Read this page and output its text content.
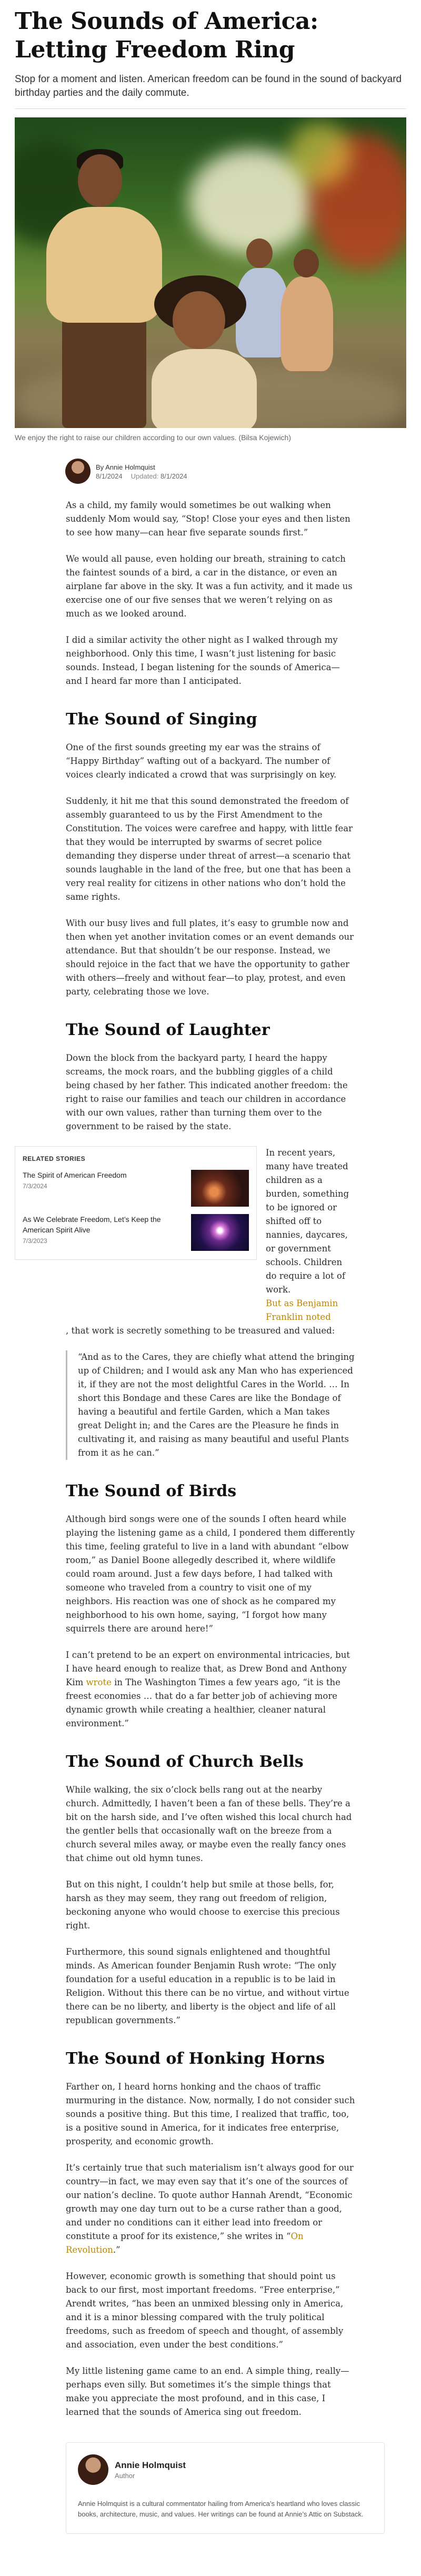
The Sounds of America: Letting Freedom Ring

Stop for a moment and listen. American freedom can be found in the sound of backyard birthday parties and the daily commute.

We enjoy the right to raise our children according to our own values. (Bilsa Kojewich)

By Annie Holmquist
8/1/2024 Updated: 8/1/2024

As a child, my family would sometimes be out walking when suddenly Mom would say, “Stop! Close your eyes and then listen to see how many—can hear five separate sounds first.”

We would all pause, even holding our breath, straining to catch the faintest sounds of a bird, a car in the distance, or even an airplane far above in the sky. It was a fun activity, and it made us exercise one of our five senses that we weren’t relying on as much as we looked around.

I did a similar activity the other night as I walked through my neighborhood. Only this time, I wasn’t just listening for basic sounds. Instead, I began listening for the sounds of America—and I heard far more than I anticipated.

The Sound of Singing

One of the first sounds greeting my ear was the strains of “Happy Birthday” wafting out of a backyard. The number of voices clearly indicated a crowd that was surprisingly on key.

Suddenly, it hit me that this sound demonstrated the freedom of assembly guaranteed to us by the First Amendment to the Constitution. The voices were carefree and happy, with little fear that they would be interrupted by swarms of secret police demanding they disperse under threat of arrest—a scenario that sounds laughable in the land of the free, but one that has been a very real reality for citizens in other nations who don’t hold the same rights.

With our busy lives and full plates, it’s easy to grumble now and then when yet another invitation comes or an event demands our attendance. But that shouldn’t be our response. Instead, we should rejoice in the fact that we have the opportunity to gather with others—freely and without fear—to play, protest, and even party, celebrating those we love.

The Sound of Laughter

Down the block from the backyard party, I heard the happy screams, the mock roars, and the bubbling giggles of a child being chased by her father. This indicated another freedom: the right to raise our families and teach our children in accordance with our own values, rather than turning them over to the government to be raised by the state.

RELATED STORIES
The Spirit of American Freedom
7/3/2024
As We Celebrate Freedom, Let’s Keep the American Spirit Alive
7/3/2023

In recent years, many have treated children as a burden, something to be ignored or shifted off to nannies, daycares, or government schools. Children do require a lot of work.

But as Benjamin Franklin noted
, that work is secretly something to be treasured and valued:

“And as to the Cares, they are chiefly what attend the bringing up of Children; and I would ask any Man who has experienced it, if they are not the most delightful Cares in the World. … In short this Bondage and these Cares are like the Bondage of having a beautiful and fertile Garden, which a Man takes great Delight in; and the Cares are the Pleasure he finds in cultivating it, and raising as many beautiful and useful Plants from it as he can.”
The Sound of Birds

Although bird songs were one of the sounds I often heard while playing the listening game as a child, I pondered them differently this time, feeling grateful to live in a land with abundant “elbow room,” as Daniel Boone allegedly described it, where wildlife could roam around. Just a few days before, I had talked with someone who traveled from a country to visit one of my neighbors. His reaction was one of shock as he compared my neighborhood to his own home, saying, “I forgot how many squirrels there are around here!”

I can’t pretend to be an expert on environmental intricacies, but I have heard enough to realize that, as Drew Bond and Anthony Kim wrote in The Washington Times a few years ago, “it is the freest economies … that do a far better job of achieving more dynamic growth while creating a healthier, cleaner natural environment.”

The Sound of Church Bells

While walking, the six o’clock bells rang out at the nearby church. Admittedly, I haven’t been a fan of these bells. They’re a bit on the harsh side, and I’ve often wished this local church had the gentler bells that occasionally waft on the breeze from a church several miles away, or maybe even the really fancy ones that chime out old hymn tunes.

But on this night, I couldn’t help but smile at those bells, for, harsh as they may seem, they rang out freedom of religion, beckoning anyone who would choose to exercise this precious right.

Furthermore, this sound signals enlightened and thoughtful minds. As American founder Benjamin Rush wrote: “The only foundation for a useful education in a republic is to be laid in Religion. Without this there can be no virtue, and without virtue there can be no liberty, and liberty is the object and life of all republican governments.”

The Sound of Honking Horns

Farther on, I heard horns honking and the chaos of traffic murmuring in the distance. Now, normally, I do not consider such sounds a positive thing. But this time, I realized that traffic, too, is a positive sound in America, for it indicates free enterprise, prosperity, and economic growth.

It’s certainly true that such materialism isn’t always good for our country—in fact, we may even say that it’s one of the sources of our nation’s decline. To quote author Hannah Arendt, “Economic growth may one day turn out to be a curse rather than a good, and under no conditions can it either lead into freedom or constitute a proof for its existence,” she writes in “On Revolution.”

However, economic growth is something that should point us back to our first, most important freedoms. “Free enterprise,” Arendt writes, “has been an unmixed blessing only in America, and it is a minor blessing compared with the truly political freedoms, such as freedom of speech and thought, of assembly and association, even under the best conditions.”

My little listening game came to an end. A simple thing, really—perhaps even silly. But sometimes it’s the simple things that make you appreciate the most profound, and in this case, I learned that the sounds of America sing out freedom.

Annie Holmquist
Author

Annie Holmquist is a cultural commentator hailing from America’s heartland who loves classic books, architecture, music, and values. Her writings can be found at Annie’s Attic on Substack.
